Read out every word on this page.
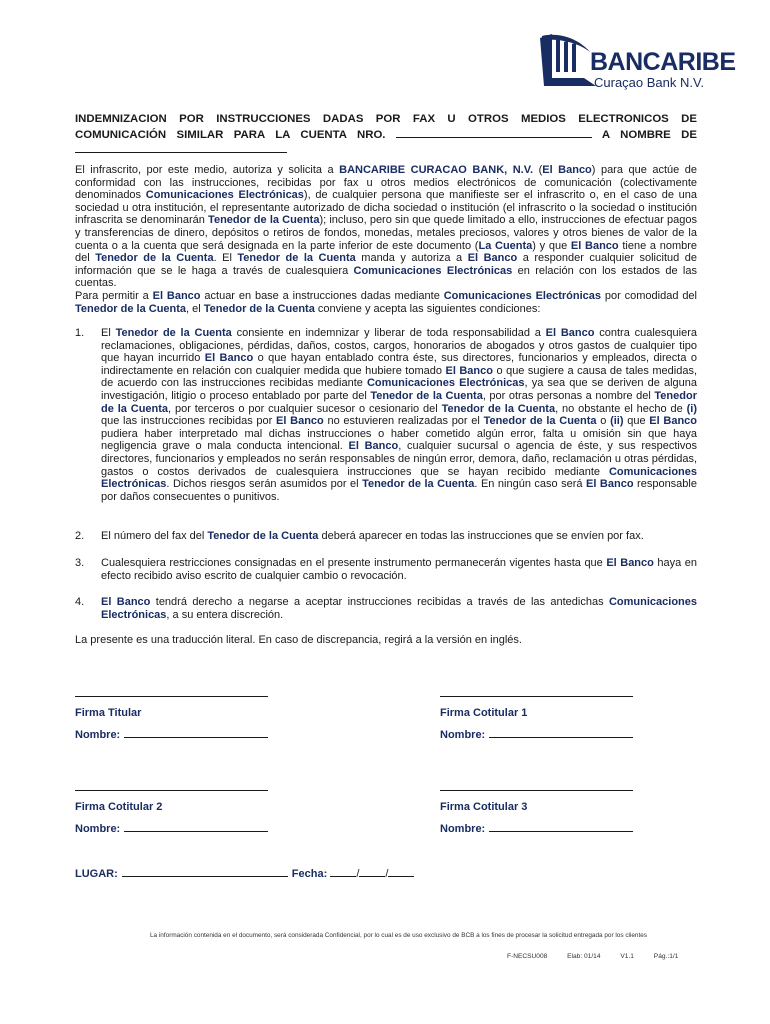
BANCARIBE
Curaçao Bank N.V.
INDEMNIZACION POR INSTRUCCIONES DADAS POR FAX U OTROS MEDIOS ELECTRONICOS DE
COMUNICACIÓN SIMILAR PARA LA CUENTA NRO.	A NOMBRE DE

El infrascrito, por este medio, autoriza y solicita a BANCARIBE CURACAO BANK, N.V. (El Banco) para que actúe de conformidad con las instrucciones, recibidas por fax u otros medios electrónicos de comunicación (colectivamente denominados Comunicaciones Electrónicas), de cualquier persona que manifieste ser el infrascrito o, en el caso de una sociedad u otra institución, el representante autorizado de dicha sociedad o institución (el infrascrito o la sociedad o institución infrascrita se denominarán Tenedor de la Cuenta); incluso, pero sin que quede limitado a ello, instrucciones de efectuar pagos y transferencias de dinero, depósitos o retiros de fondos, monedas, metales preciosos, valores y otros bienes de valor de la cuenta o a la cuenta que será designada en la parte inferior de este documento (La Cuenta) y que El Banco tiene a nombre del Tenedor de la Cuenta. El Tenedor de la Cuenta manda y autoriza a El Banco a responder cualquier solicitud de información que se le haga a través de cualesquiera Comunicaciones Electrónicas en relación con los estados de las cuentas.

Para permitir a El Banco actuar en base a instrucciones dadas mediante Comunicaciones Electrónicas por comodidad del Tenedor de la Cuenta, el Tenedor de la Cuenta conviene y acepta las siguientes condiciones:

1. El Tenedor de la Cuenta consiente en indemnizar y liberar de toda responsabilidad a El Banco contra cualesquiera reclamaciones, obligaciones, pérdidas, daños, costos, cargos, honorarios de abogados y otros gastos de cualquier tipo que hayan incurrido El Banco o que hayan entablado contra éste, sus directores, funcionarios y empleados, directa o indirectamente en relación con cualquier medida que hubiere tomado El Banco o que sugiere a causa de tales medidas, de acuerdo con las instrucciones recibidas mediante Comunicaciones Electrónicas, ya sea que se deriven de alguna investigación, litigio o proceso entablado por parte del Tenedor de la Cuenta, por otras personas a nombre del Tenedor de la Cuenta, por terceros o por cualquier sucesor o cesionario del Tenedor de la Cuenta, no obstante el hecho de (i) que las instrucciones recibidas por El Banco no estuvieren realizadas por el Tenedor de la Cuenta o (ii) que El Banco pudiera haber interpretado mal dichas instrucciones o haber cometido algún error, falta u omisión sin que haya negligencia grave o mala conducta intencional. El Banco, cualquier sucursal o agencia de éste, y sus respectivos directores, funcionarios y empleados no serán responsables de ningún error, demora, daño, reclamación u otras pérdidas, gastos o costos derivados de cualesquiera instrucciones que se hayan recibido mediante Comunicaciones Electrónicas. Dichos riesgos serán asumidos por el Tenedor de la Cuenta. En ningún caso será El Banco responsable por daños consecuentes o punitivos.
2. El número del fax del Tenedor de la Cuenta deberá aparecer en todas las instrucciones que se envíen por fax.
3. Cualesquiera restricciones consignadas en el presente instrumento permanecerán vigentes hasta que El Banco haya en efecto recibido aviso escrito de cualquier cambio o revocación.
4. El Banco tendrá derecho a negarse a aceptar instrucciones recibidas a través de las antedichas Comunicaciones Electrónicas, a su entera discreción.
La presente es una traducción literal. En caso de discrepancia, regirá a la versión en inglés.
Firma Titular
Nombre:
Firma Cotitular 1
Nombre:
Firma Cotitular 2
Nombre:
Firma Cotitular 3
Nombre:
LUGAR:	Fecha:	/ /
La información contenida en el documento, será considerada Confidencial, por lo cual es de uso exclusivo de BCB a los fines de procesar la solicitud entregada por los clientes
F-NECSU008	Elab: 01/14	V1.1	Pág.:1/1
